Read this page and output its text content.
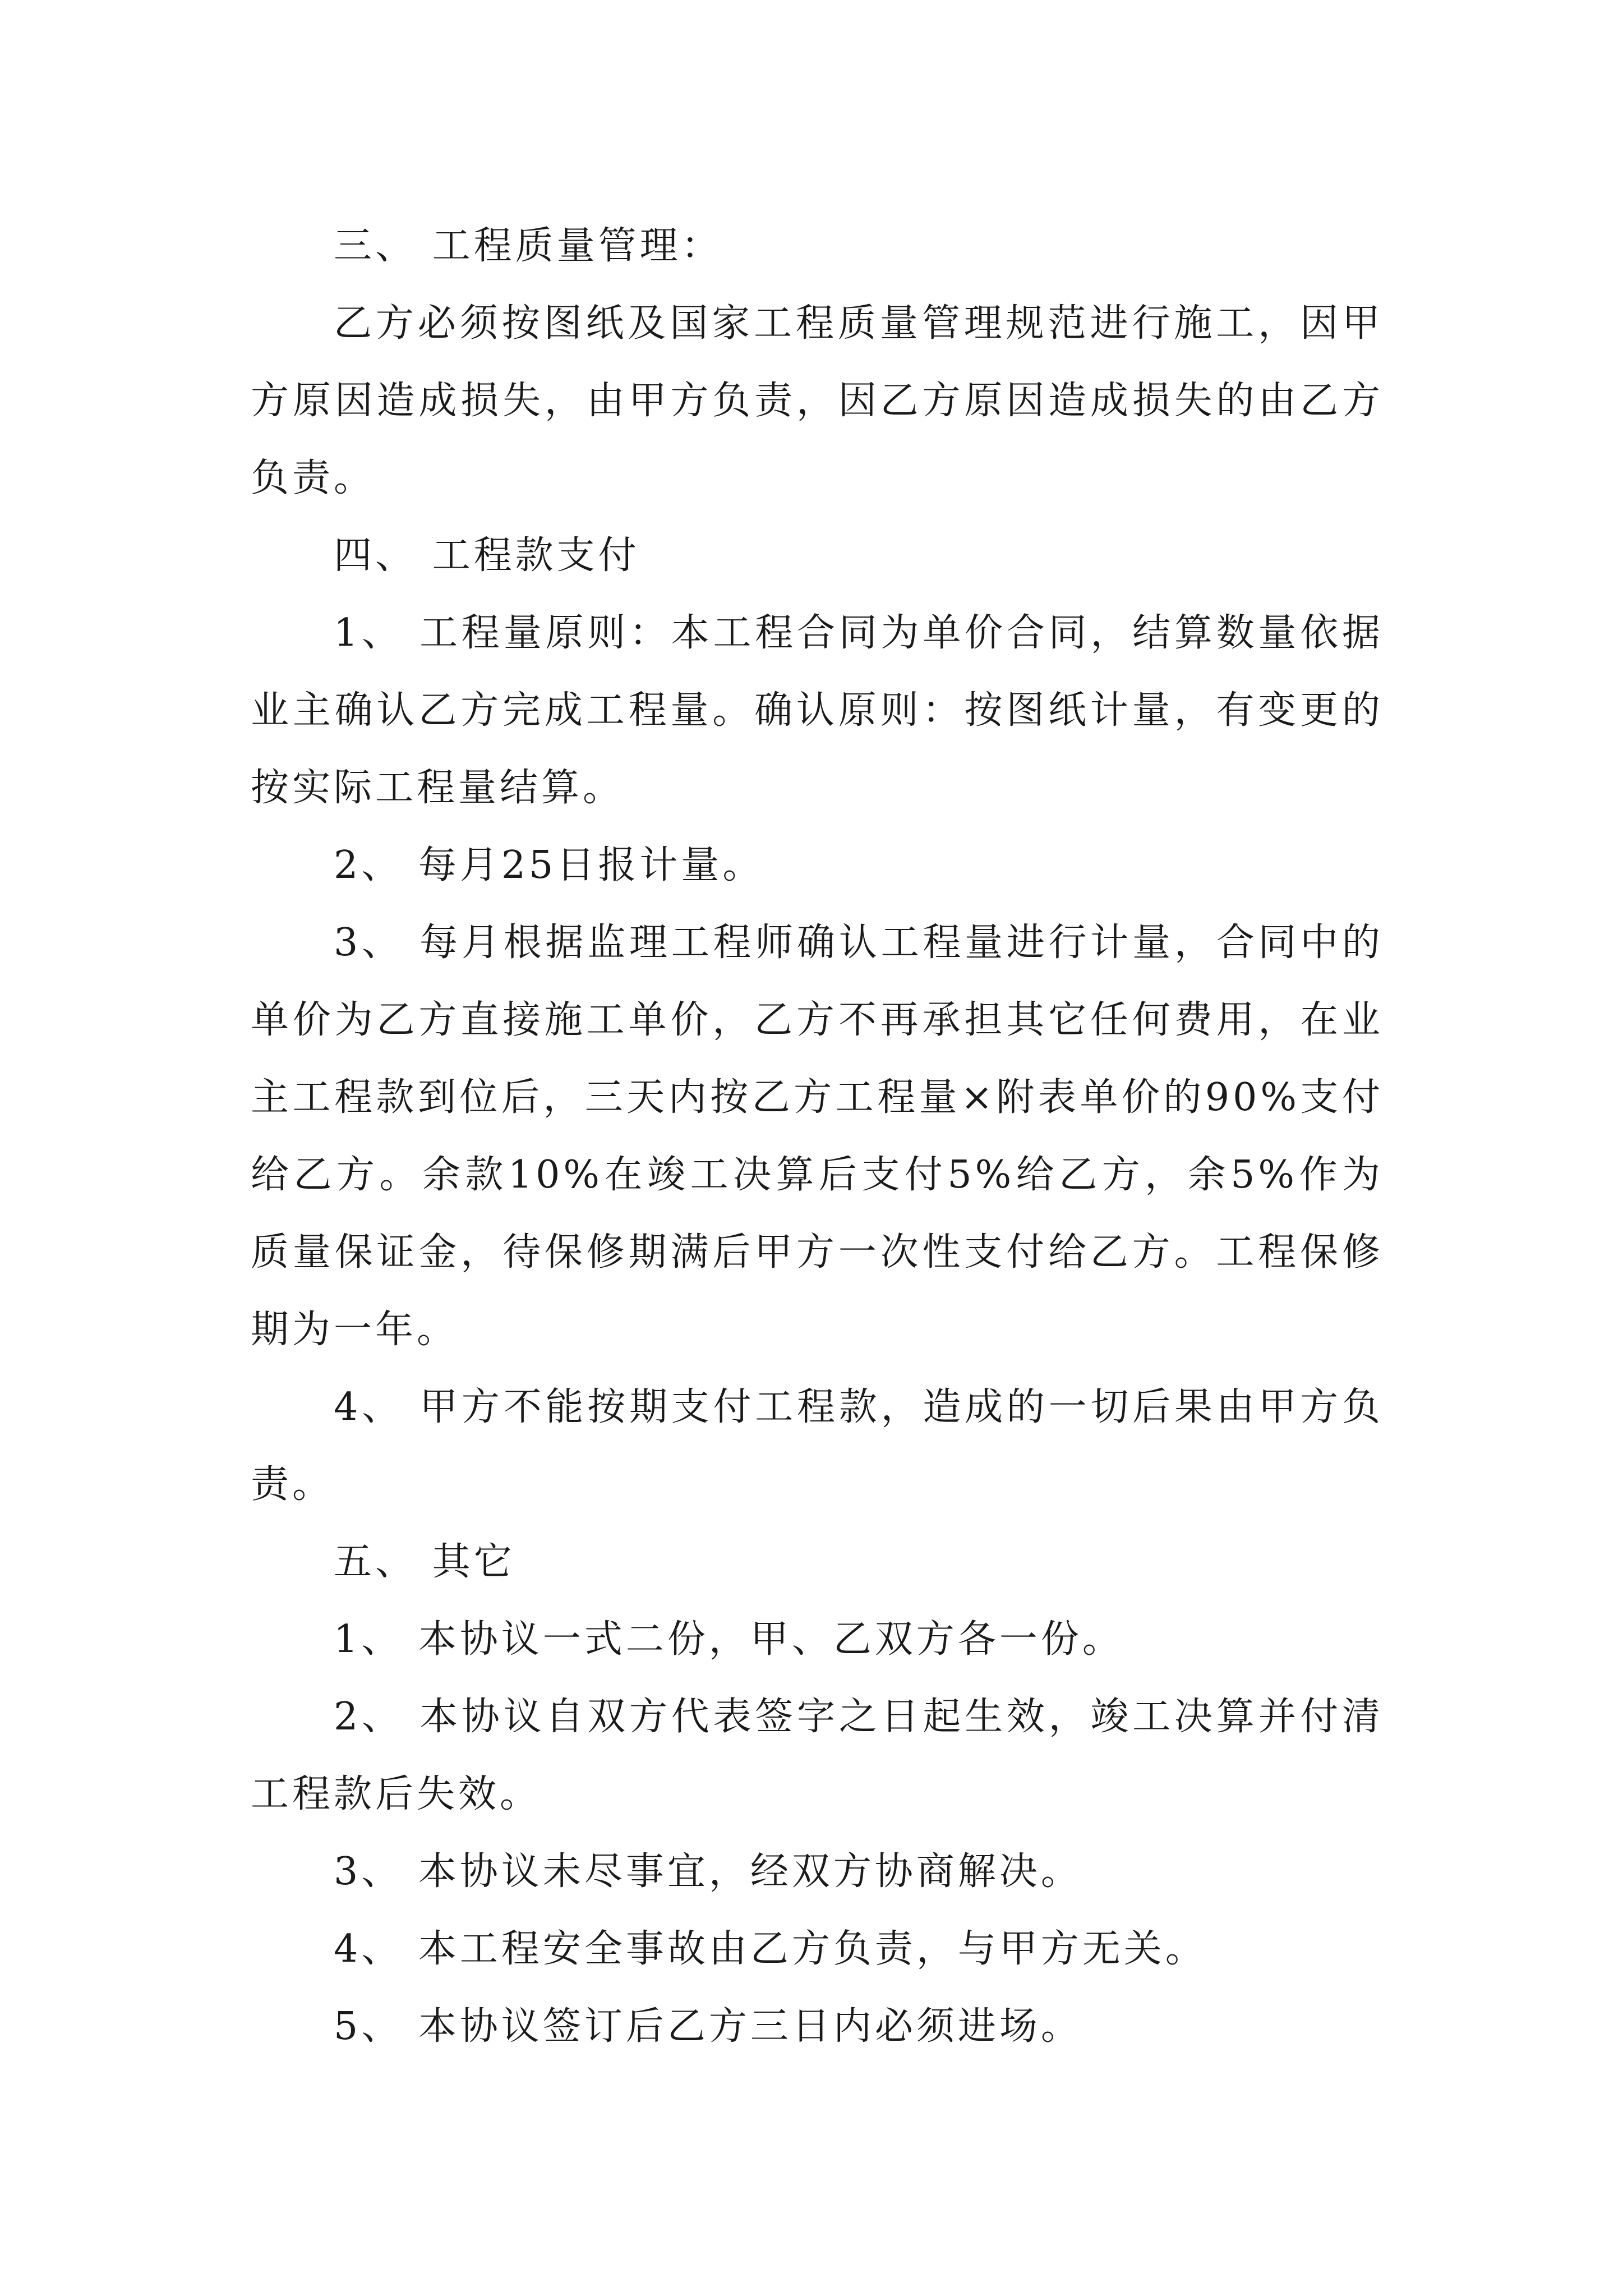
三、 工程质量管理：

乙方必须按图纸及国家工程质量管理规范进行施工，因甲方原因造成损失，由甲方负责，因乙方原因造成损失的由乙方负责。

四、 工程款支付

1、 工程量原则：本工程合同为单价合同，结算数量依据业主确认乙方完成工程量。确认原则：按图纸计量，有变更的按实际工程量结算。

2、 每月25日报计量。

3、 每月根据监理工程师确认工程量进行计量，合同中的单价为乙方直接施工单价，乙方不再承担其它任何费用，在业主工程款到位后，三天内按乙方工程量×附表单价的90%支付给乙方。余款10%在竣工决算后支付5%给乙方，余5%作为质量保证金，待保修期满后甲方一次性支付给乙方。工程保修期为一年。

4、 甲方不能按期支付工程款，造成的一切后果由甲方负责。

五、 其它

1、 本协议一式二份，甲、乙双方各一份。

2、 本协议自双方代表签字之日起生效，竣工决算并付清工程款后失效。

3、 本协议未尽事宜，经双方协商解决。

4、 本工程安全事故由乙方负责，与甲方无关。

5、 本协议签订后乙方三日内必须进场。
